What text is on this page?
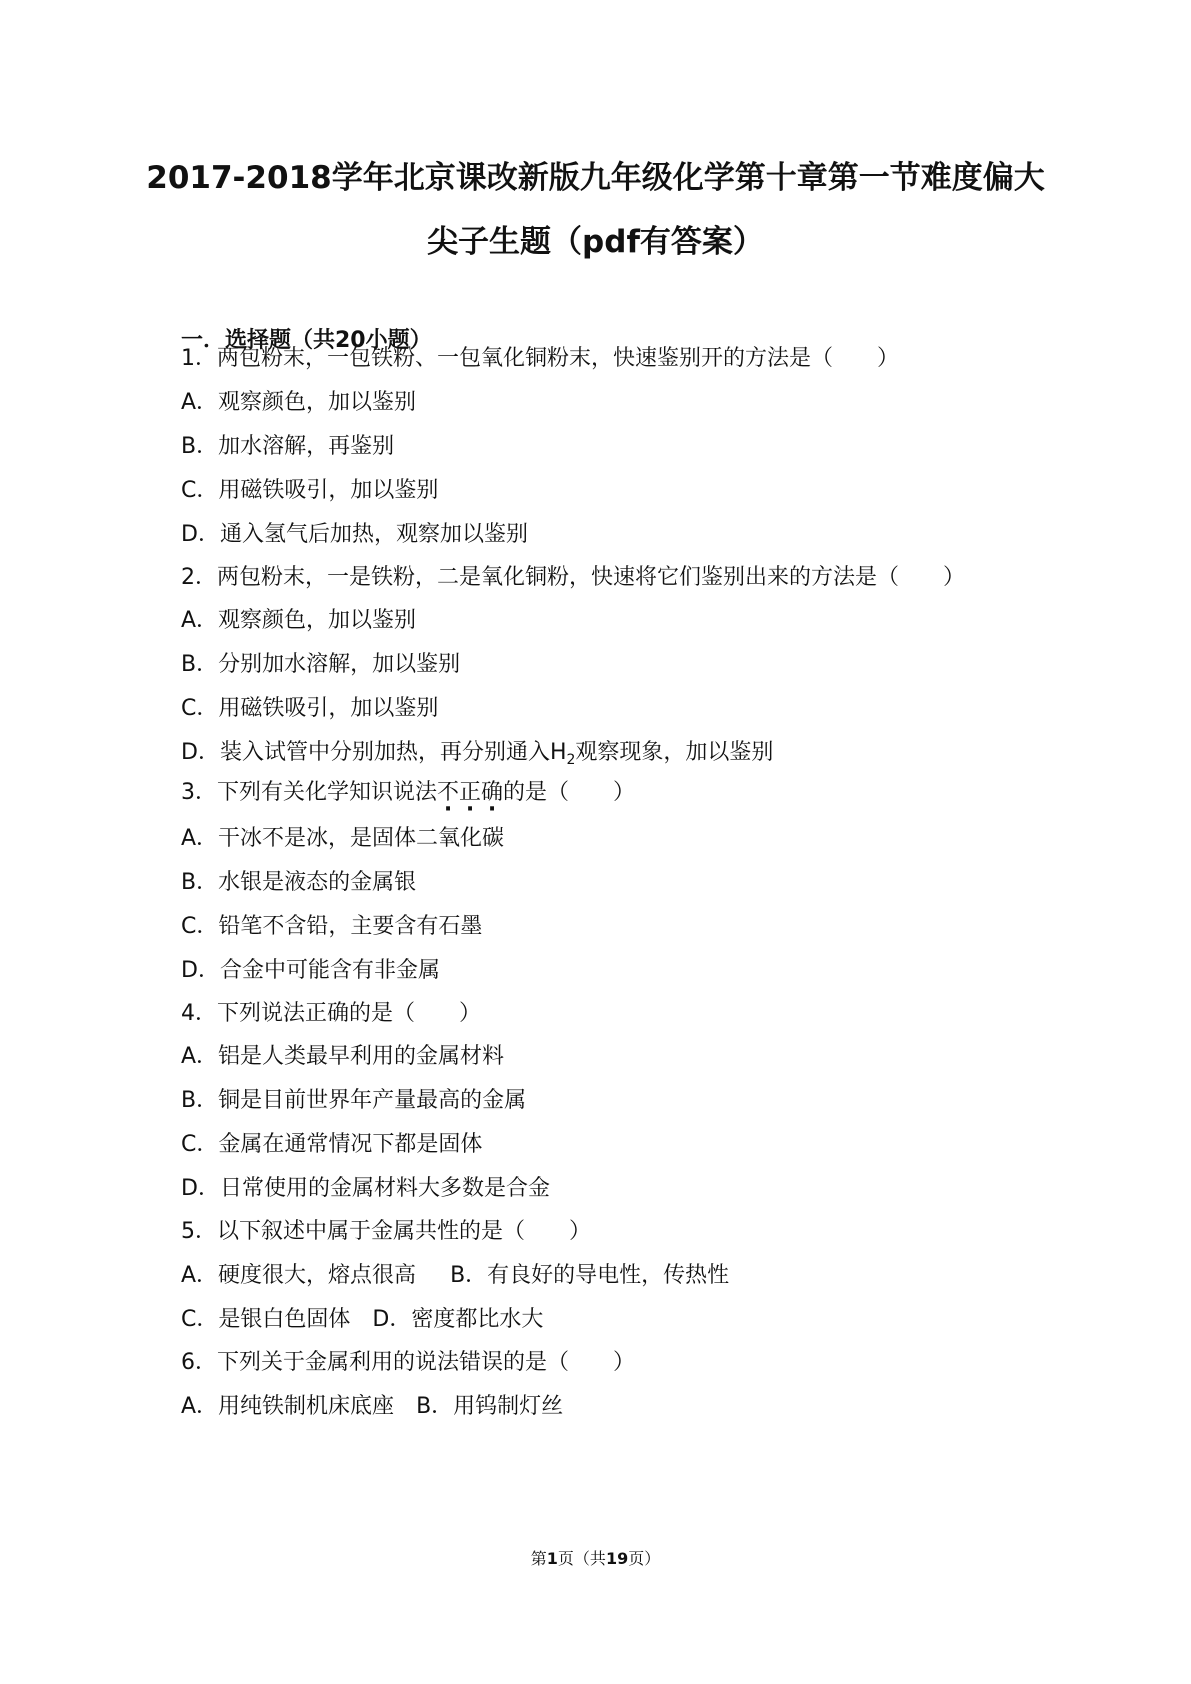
2017-2018学年北京课改新版九年级化学第十章第一节难度偏大
尖子生题（pdf有答案）
一．选择题（共20小题）
1．两包粉末，一包铁粉、一包氧化铜粉末，快速鉴别开的方法是（　　）
A．观察颜色，加以鉴别
B．加水溶解，再鉴别
C．用磁铁吸引，加以鉴别
D．通入氢气后加热，观察加以鉴别
2．两包粉末，一是铁粉，二是氧化铜粉，快速将它们鉴别出来的方法是（　　）
A．观察颜色，加以鉴别
B．分别加水溶解，加以鉴别
C．用磁铁吸引，加以鉴别
D．装入试管中分别加热，再分别通入$H_2$观察现象，加以鉴别
3．下列有关化学知识说法不正确的是（　　）
A．干冰不是冰，是固体二氧化碳
B．水银是液态的金属银
C．铅笔不含铅，主要含有石墨
D．合金中可能含有非金属
4．下列说法正确的是（　　）
A．铝是人类最早利用的金属材料
B．铜是目前世界年产量最高的金属
C．金属在通常情况下都是固体
D．日常使用的金属材料大多数是合金
5．以下叙述中属于金属共性的是（　　）
A．硬度很大，熔点很高 B．有良好的导电性，传热性
C．是银白色固体 D．密度都比水大
6．下列关于金属利用的说法错误的是（　　）
A．用纯铁制机床底座 B．用钨制灯丝
第1页（共19页）
